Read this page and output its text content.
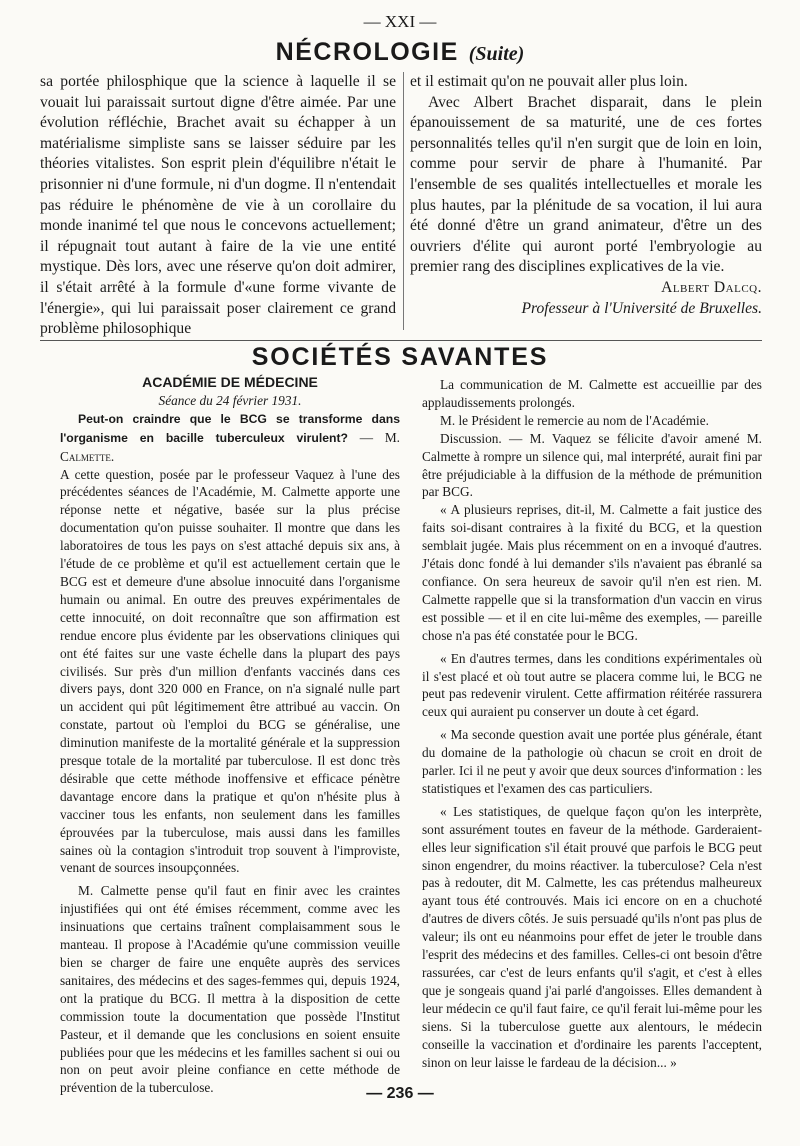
— XXI —
NÉCROLOGIE (Suite)

sa portée philosphique que la science à laquelle il se vouait lui paraissait surtout digne d'être aimée. Par une évolution réfléchie, Brachet avait su échapper à un matérialisme simpliste sans se laisser séduire par les théories vitalistes. Son esprit plein d'équilibre n'était le prisonnier ni d'une formule, ni d'un dogme. Il n'entendait pas réduire le phénomène de vie à un corollaire du monde inanimé tel que nous le concevons actuellement; il répugnait tout autant à faire de la vie une entité mystique. Dès lors, avec une réserve qu'on doit admirer, il s'était arrêté à la formule d'«une forme vivante de l'énergie», qui lui paraissait poser clairement ce grand problème philosophique

et il estimait qu'on ne pouvait aller plus loin.

Avec Albert Brachet disparait, dans le plein épanouissement de sa maturité, une de ces fortes personnalités telles qu'il n'en surgit que de loin en loin, comme pour servir de phare à l'humanité. Par l'ensemble de ses qualités intellectuelles et morale les plus hautes, par la plénitude de sa vocation, il lui aura été donné d'être un grand animateur, d'être un des ouvriers d'élite qui auront porté l'embryologie au premier rang des disciplines explicatives de la vie.

Albert Dalcq.

Professeur à l'Université de Bruxelles.

SOCIÉTÉS SAVANTES

ACADÉMIE DE MÉDECINE

Séance du 24 février 1931.

Peut-on craindre que le BCG se transforme dans l'organisme en bacille tuberculeux virulent? — M. Calmette.

A cette question, posée par le professeur Vaquez à l'une des précédentes séances de l'Académie, M. Calmette apporte une réponse nette et négative, basée sur la plus précise documentation qu'on puisse souhaiter. Il montre que dans les laboratoires de tous les pays on s'est attaché depuis six ans, à l'étude de ce problème et qu'il est actuellement certain que le BCG est et demeure d'une absolue innocuité dans l'organisme humain ou animal. En outre des preuves expérimentales de cette innocuité, on doit reconnaître que son affirmation est rendue encore plus évidente par les observations cliniques qui ont été faites sur une vaste échelle dans la plupart des pays civilisés. Sur près d'un million d'enfants vaccinés dans ces divers pays, dont 320 000 en France, on n'a signalé nulle part un accident qui pût légitimement être attribué au vaccin. On constate, partout où l'emploi du BCG se généralise, une diminution manifeste de la mortalité générale et la suppression presque totale de la mortalité par tuberculose. Il est donc très désirable que cette méthode inoffensive et efficace pénètre davantage encore dans la pratique et qu'on n'hésite plus à vacciner tous les enfants, non seulement dans les familles éprouvées par la tuberculose, mais aussi dans les familles saines où la contagion s'introduit trop souvent à l'improviste, venant de sources insoupçonnées.

M. Calmette pense qu'il faut en finir avec les craintes injustifiées qui ont été émises récemment, comme avec les insinuations que certains traînent complaisamment sous le manteau. Il propose à l'Académie qu'une commission veuille bien se charger de faire une enquête auprès des services sanitaires, des médecins et des sages-femmes qui, depuis 1924, ont la pratique du BCG. Il mettra à la disposition de cette commission toute la documentation que possède l'Institut Pasteur, et il demande que les conclusions en soient ensuite publiées pour que les médecins et les familles sachent si oui ou non on peut avoir pleine confiance en cette méthode de prévention de la tuberculose.

La communication de M. Calmette est accueillie par des applaudissements prolongés.

M. le Président le remercie au nom de l'Académie.

Discussion. — M. Vaquez se félicite d'avoir amené M. Calmette à rompre un silence qui, mal interprété, aurait fini par être préjudiciable à la diffusion de la méthode de prémunition par BCG.

« A plusieurs reprises, dit-il, M. Calmette a fait justice des faits soi-disant contraires à la fixité du BCG, et la question semblait jugée. Mais plus récemment on en a invoqué d'autres. J'étais donc fondé à lui demander s'ils n'avaient pas ébranlé sa confiance. On sera heureux de savoir qu'il n'en est rien. M. Calmette rappelle que si la transformation d'un vaccin en virus est possible — et il en cite lui-même des exemples, — pareille chose n'a pas été constatée pour le BCG.

« En d'autres termes, dans les conditions expérimentales où il s'est placé et où tout autre se placera comme lui, le BCG ne peut pas redevenir virulent. Cette affirmation réitérée rassurera ceux qui auraient pu conserver un doute à cet égard.

« Ma seconde question avait une portée plus générale, étant du domaine de la pathologie où chacun se croit en droit de parler. Ici il ne peut y avoir que deux sources d'information : les statistiques et l'examen des cas particuliers.

« Les statistiques, de quelque façon qu'on les interprète, sont assurément toutes en faveur de la méthode. Garderaient-elles leur signification s'il était prouvé que parfois le BCG peut sinon engendrer, du moins réactiver. la tuberculose? Cela n'est pas à redouter, dit M. Calmette, les cas prétendus malheureux ayant tous été controuvés. Mais ici encore on en a chuchoté d'autres de divers côtés. Je suis persuadé qu'ils n'ont pas plus de valeur; ils ont eu néanmoins pour effet de jeter le trouble dans l'esprit des médecins et des familles. Celles-ci ont besoin d'être rassurées, car c'est de leurs enfants qu'il s'agit, et c'est à elles que je songeais quand j'ai parlé d'angoisses. Elles demandent à leur médecin ce qu'il faut faire, ce qu'il ferait lui-même pour les siens. Si la tuberculose guette aux alentours, le médecin conseille la vaccination et d'ordinaire les parents l'acceptent, sinon on leur laisse le fardeau de la décision... »

— 236 —
